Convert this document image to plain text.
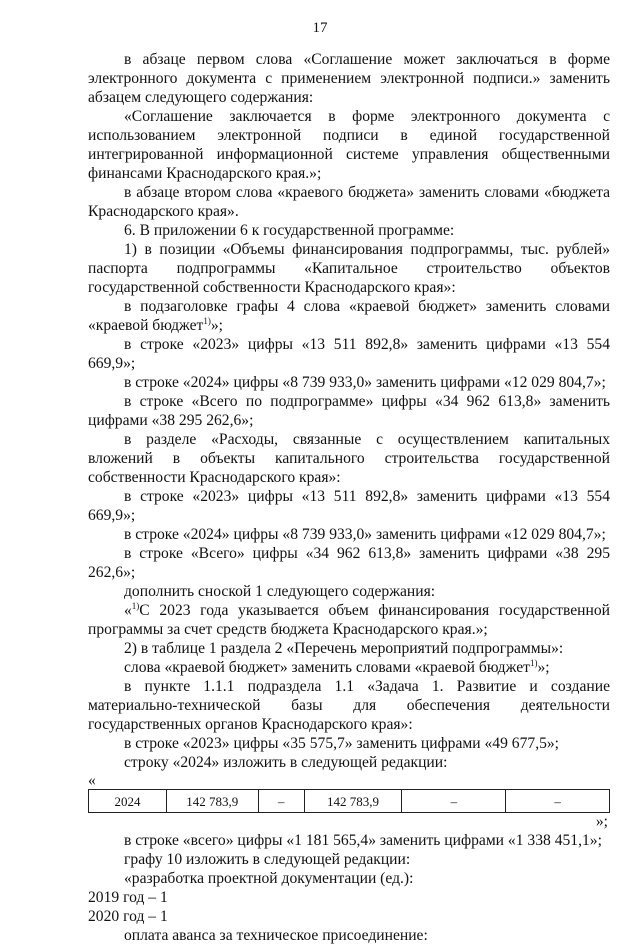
17

в абзаце первом слова «Соглашение может заключаться в форме электронного документа с применением электронной подписи.» заменить абзацем следующего содержания:

«Соглашение заключается в форме электронного документа с использованием электронной подписи в единой государственной интегрированной информационной системе управления общественными финансами Краснодарского края.»;

в абзаце втором слова «краевого бюджета» заменить словами «бюджета Краснодарского края».

6. В приложении 6 к государственной программе:

1) в позиции «Объемы финансирования подпрограммы, тыс. рублей» паспорта подпрограммы «Капитальное строительство объектов государственной собственности Краснодарского края»:

в подзаголовке графы 4 слова «краевой бюджет» заменить словами «краевой бюджет$^{1)}$»;

в строке «2023» цифры «13 511 892,8» заменить цифрами «13 554 669,9»;

в строке «2024» цифры «8 739 933,0» заменить цифрами «12 029 804,7»;

в строке «Всего по подпрограмме» цифры «34 962 613,8» заменить цифрами «38 295 262,6»;

в разделе «Расходы, связанные с осуществлением капитальных вложений в объекты капитального строительства государственной собственности Краснодарского края»:

в строке «2023» цифры «13 511 892,8» заменить цифрами «13 554 669,9»;

в строке «2024» цифры «8 739 933,0» заменить цифрами «12 029 804,7»;

в строке «Всего» цифры «34 962 613,8» заменить цифрами «38 295 262,6»;

дополнить сноской 1 следующего содержания:

«$^{1)}$С 2023 года указывается объем финансирования государственной программы за счет средств бюджета Краснодарского края.»;

2) в таблице 1 раздела 2 «Перечень мероприятий подпрограммы»:

слова «краевой бюджет» заменить словами «краевой бюджет$^{1)}$»;

в пункте 1.1.1 подраздела 1.1 «Задача 1. Развитие и создание материально-технической базы для обеспечения деятельности государственных органов Краснодарского края»:

в строке «2023» цифры «35 575,7» заменить цифрами «49 677,5»;

строку «2024» изложить в следующей редакции:

«

2024	142 783,9	–	142 783,9	–	–

»;

в строке «всего» цифры «1 181 565,4» заменить цифрами «1 338 451,1»;

графу 10 изложить в следующей редакции:

«разработка проектной документации (ед.):

2019 год – 1

2020 год – 1

оплата аванса за техническое присоединение:
